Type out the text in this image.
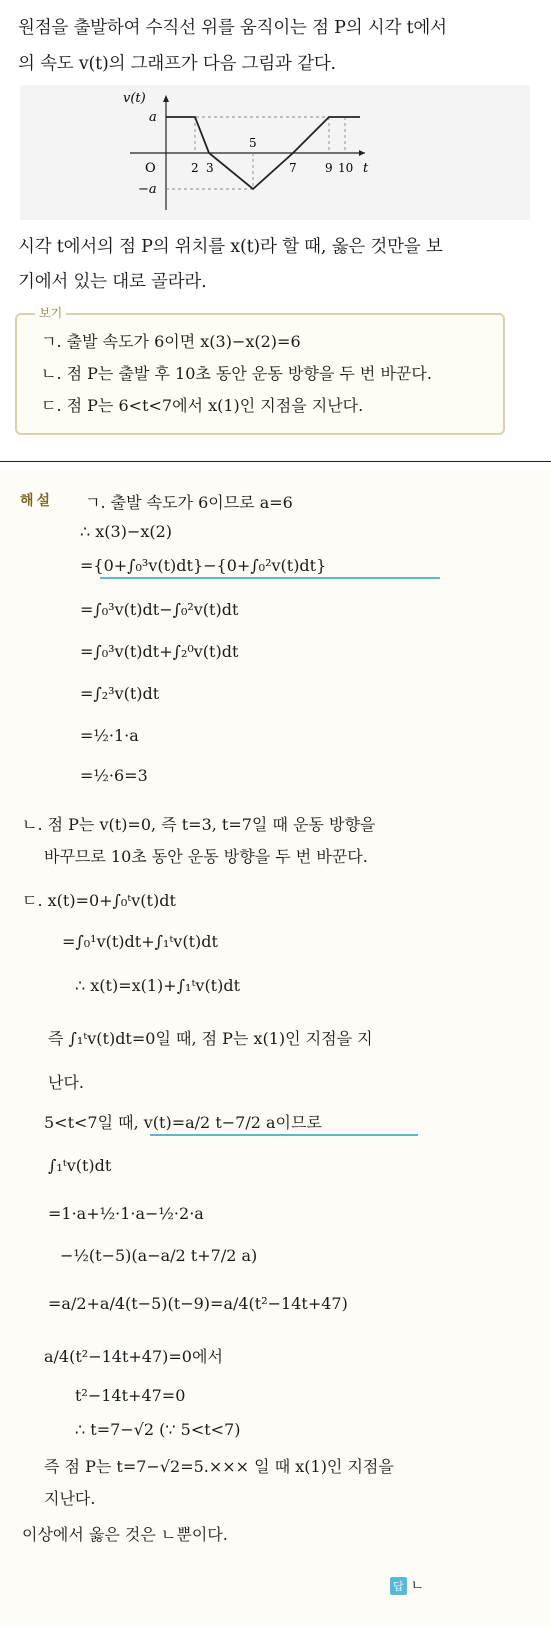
원점을 출발하여 수직선 위를 움직이는 점 P의 시각 t에서
의 속도 v(t)의 그래프가 다음 그림과 같다.
v(t)
t
O
a
−a
2 3
5
7 9 10
시각 t에서의 점 P의 위치를 x(t)라 할 때, 옳은 것만을 보
기에서 있는 대로 골라라.
보기
ㄱ. 출발 속도가 6이면 x(3)−x(2)=6
ㄴ. 점 P는 출발 후 10초 동안 운동 방향을 두 번 바꾼다.
ㄷ. 점 P는 6<t<7에서 x(1)인 지점을 지난다.
해설 ㄱ. 출발 속도가 6이므로 a=6
∴ x(3)−x(2)
={0+∫₀³v(t)dt}−{0+∫₀²v(t)dt}
=∫₀³v(t)dt−∫₀²v(t)dt
=∫₀³v(t)dt+∫₂⁰v(t)dt
=∫₂³v(t)dt
=½·1·a
=½·6=3
ㄴ. 점 P는 v(t)=0, 즉 t=3, t=7일 때 운동 방향을
바꾸므로 10초 동안 운동 방향을 두 번 바꾼다.
ㄷ. x(t)=0+∫₀ᵗv(t)dt
=∫₀¹v(t)dt+∫₁ᵗv(t)dt
∴ x(t)=x(1)+∫₁ᵗv(t)dt
즉 ∫₁ᵗv(t)dt=0일 때, 점 P는 x(1)인 지점을 지
난다.
5<t<7일 때, v(t)=a/2 t−7/2 a이므로
∫₁ᵗv(t)dt
=1·a+½·1·a−½·2·a
−½(t−5)(a−a/2 t+7/2 a)
=a/2+a/4(t−5)(t−9)=a/4(t²−14t+47)
a/4(t²−14t+47)=0에서
t²−14t+47=0
∴ t=7−√2 (∵ 5<t<7)
즉 점 P는 t=7−√2=5.××× 일 때 x(1)인 지점을
지난다.
이상에서 옳은 것은 ㄴ뿐이다.
답 ㄴ
